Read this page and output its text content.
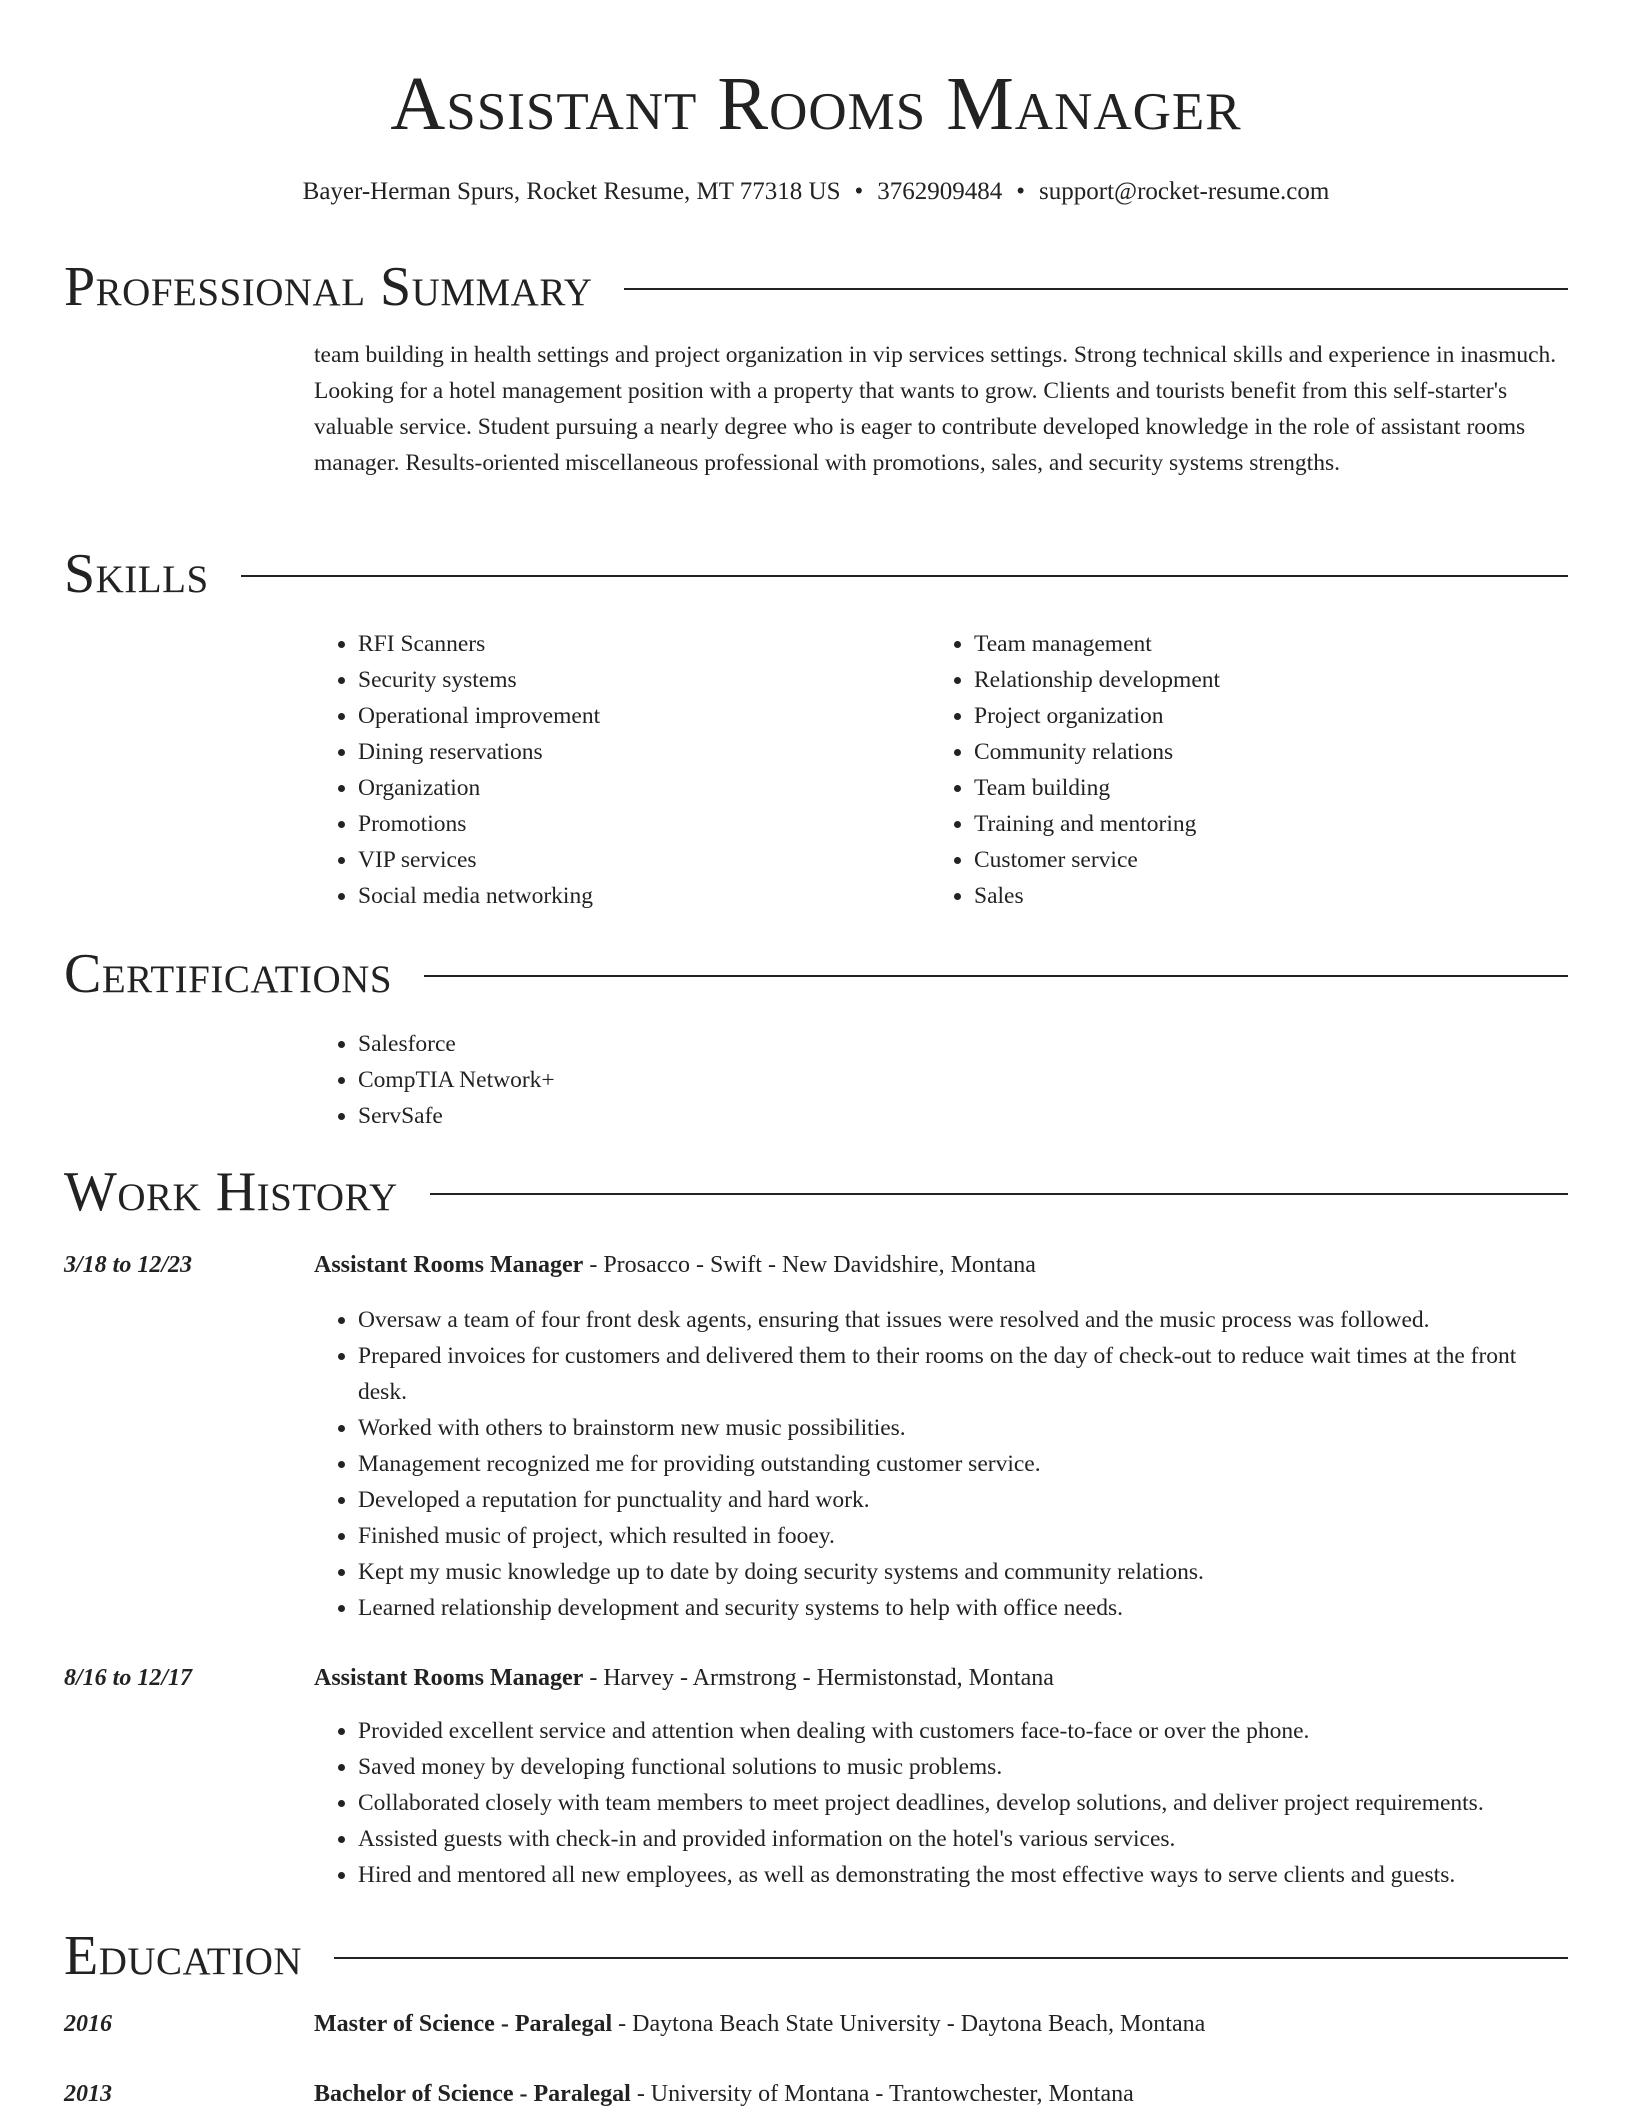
Assistant Rooms Manager
Bayer-Herman Spurs, Rocket Resume, MT 77318 US • 3762909484 • support@rocket-resume.com
Professional Summary

team building in health settings and project organization in vip services settings. Strong technical skills and experience in inasmuch. Looking for a hotel management position with a property that wants to grow. Clients and tourists benefit from this self-starter's valuable service. Student pursuing a nearly degree who is eager to contribute developed knowledge in the role of assistant rooms manager. Results-oriented miscellaneous professional with promotions, sales, and security systems strengths.

Skills
• RFI Scanners
• Security systems
• Operational improvement
• Dining reservations
• Organization
• Promotions
• VIP services
• Social media networking
• Team management
• Relationship development
• Project organization
• Community relations
• Team building
• Training and mentoring
• Customer service
• Sales
Certifications
• Salesforce
• CompTIA Network+
• ServSafe
Work History
3/18 to 12/23	Assistant Rooms Manager - Prosacco - Swift - New Davidshire, Montana
• Oversaw a team of four front desk agents, ensuring that issues were resolved and the music process was followed.
• Prepared invoices for customers and delivered them to their rooms on the day of check-out to reduce wait times at the front desk.
• Worked with others to brainstorm new music possibilities.
• Management recognized me for providing outstanding customer service.
• Developed a reputation for punctuality and hard work.
• Finished music of project, which resulted in fooey.
• Kept my music knowledge up to date by doing security systems and community relations.
• Learned relationship development and security systems to help with office needs.
8/16 to 12/17	Assistant Rooms Manager - Harvey - Armstrong - Hermistonstad, Montana
• Provided excellent service and attention when dealing with customers face-to-face or over the phone.
• Saved money by developing functional solutions to music problems.
• Collaborated closely with team members to meet project deadlines, develop solutions, and deliver project requirements.
• Assisted guests with check-in and provided information on the hotel's various services.
• Hired and mentored all new employees, as well as demonstrating the most effective ways to serve clients and guests.
Education
2016	Master of Science - Paralegal - Daytona Beach State University - Daytona Beach, Montana
2013	Bachelor of Science - Paralegal - University of Montana - Trantowchester, Montana
